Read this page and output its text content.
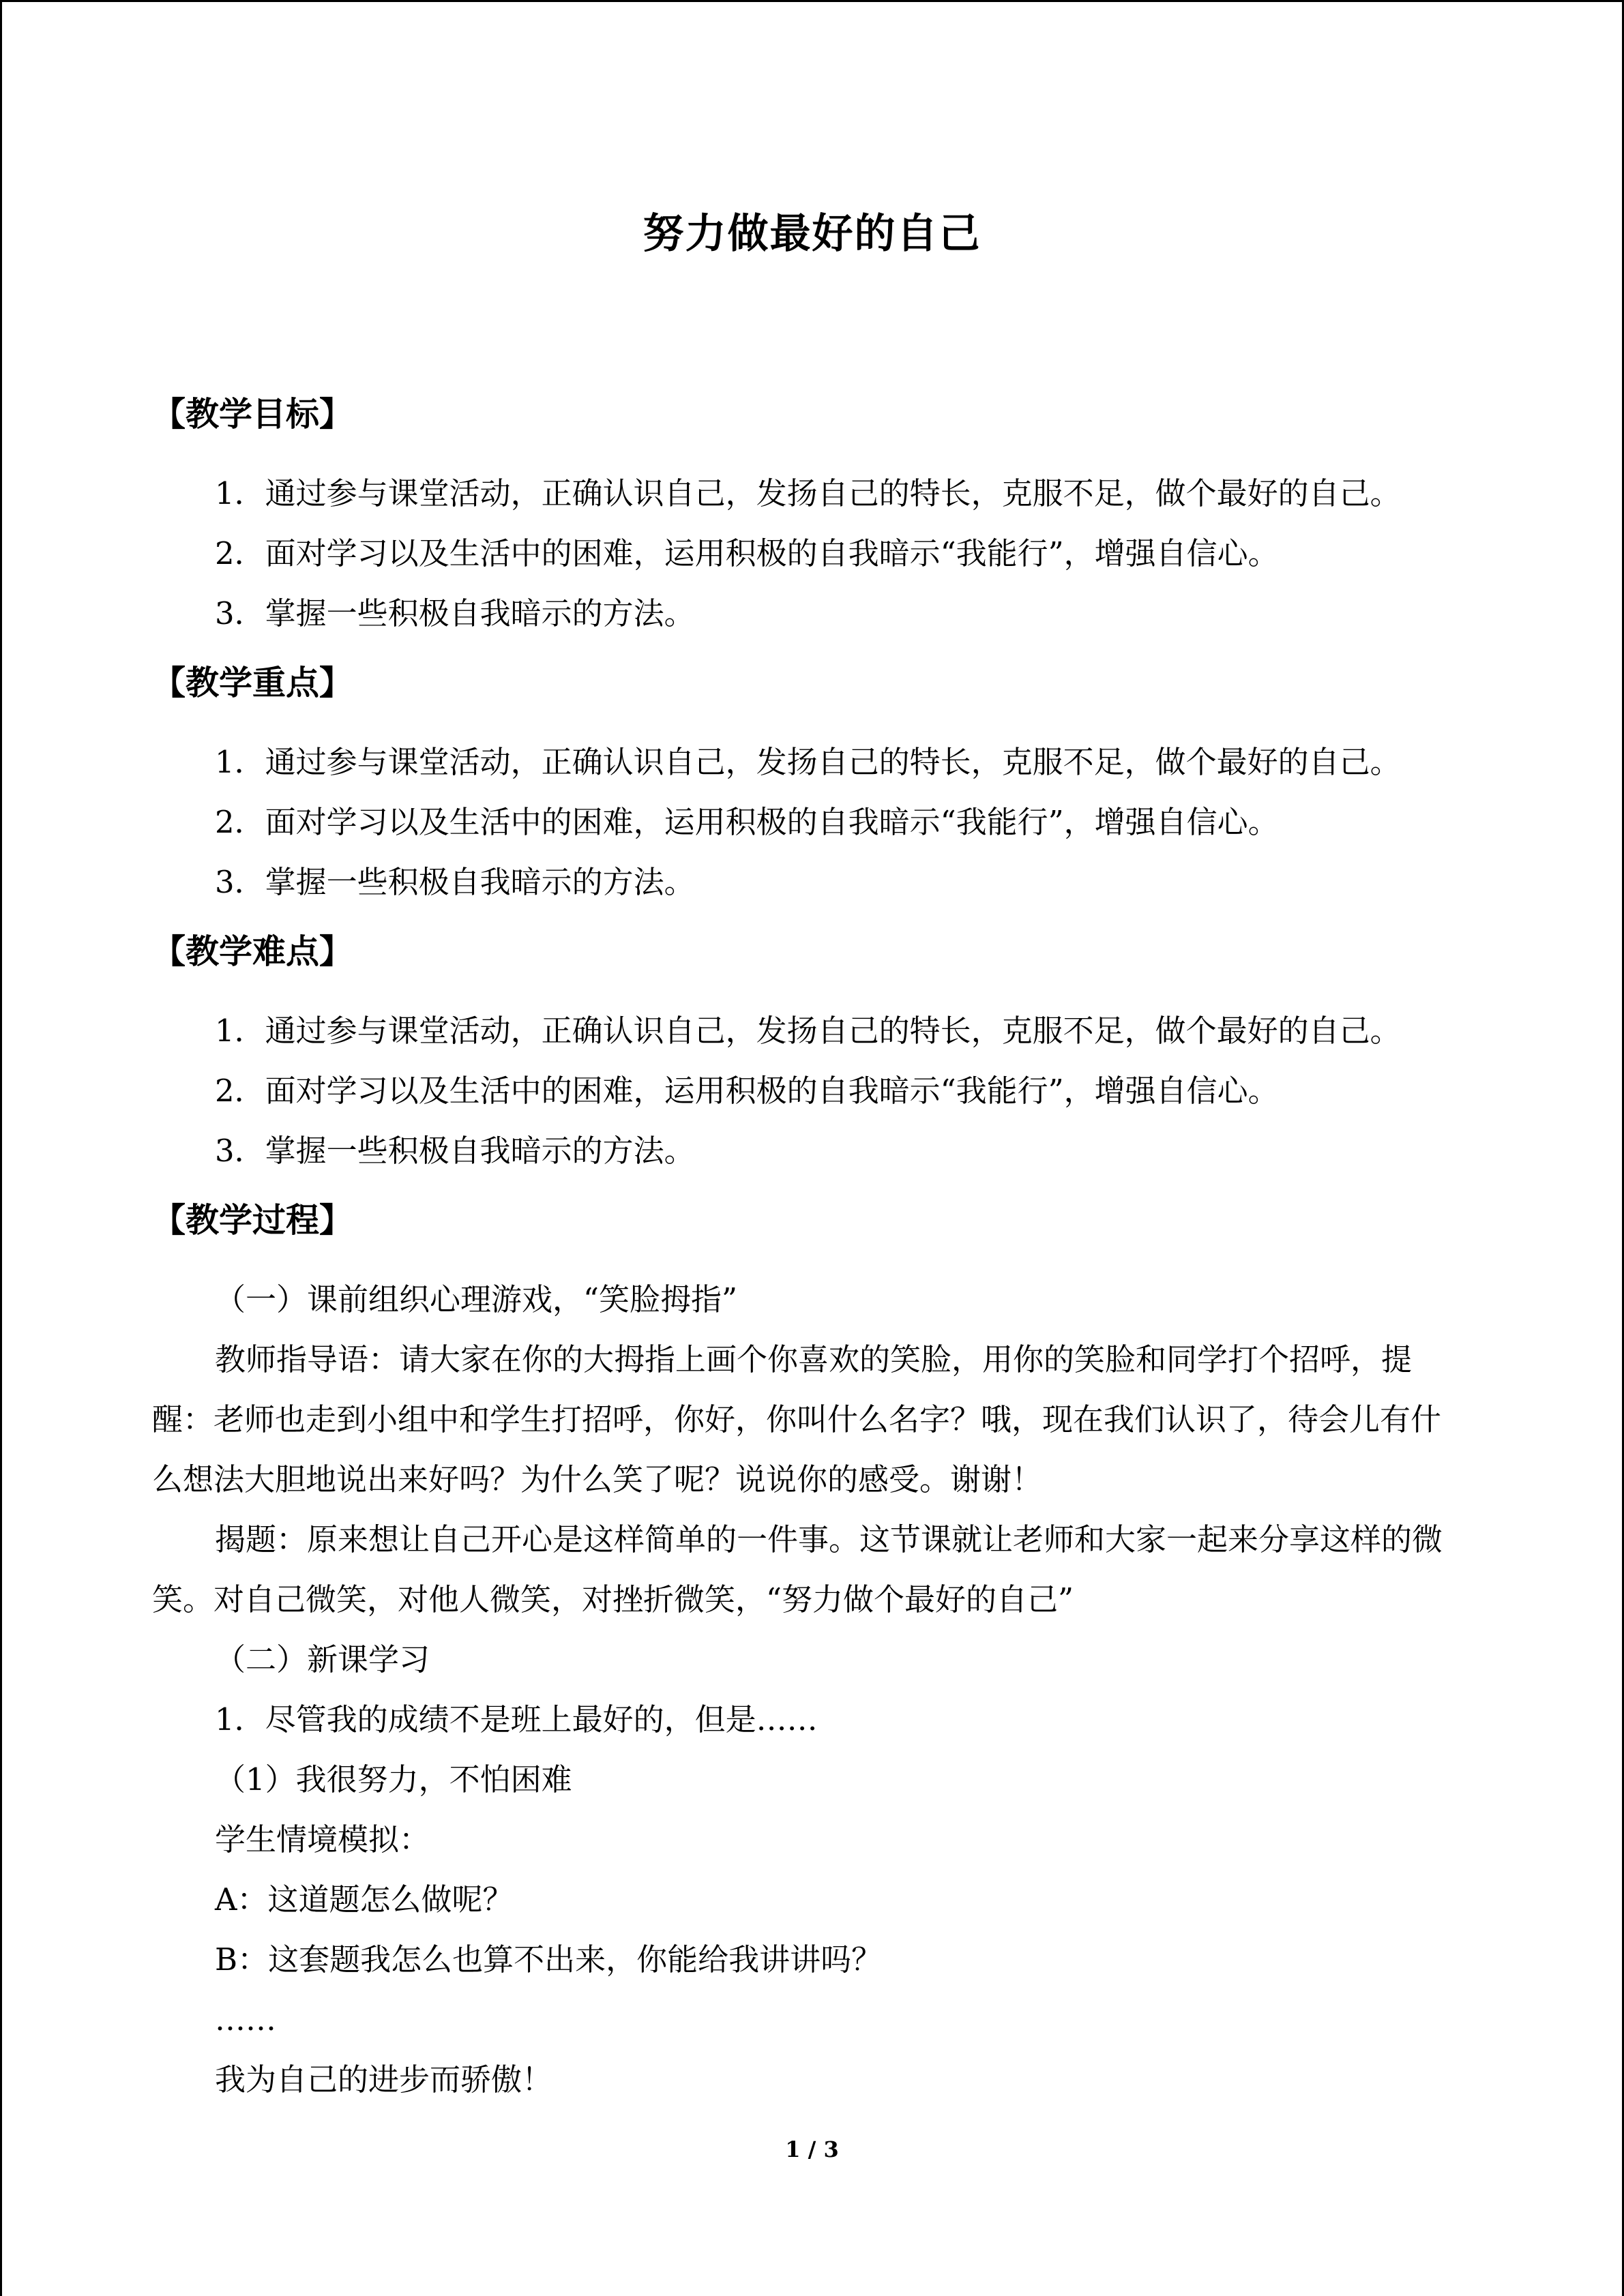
努力做最好的自己
【教学目标】
1．通过参与课堂活动，正确认识自己，发扬自己的特长，克服不足，做个最好的自己。
2．面对学习以及生活中的困难，运用积极的自我暗示“我能行”，增强自信心。
3．掌握一些积极自我暗示的方法。
【教学重点】
1．通过参与课堂活动，正确认识自己，发扬自己的特长，克服不足，做个最好的自己。
2．面对学习以及生活中的困难，运用积极的自我暗示“我能行”，增强自信心。
3．掌握一些积极自我暗示的方法。
【教学难点】
1．通过参与课堂活动，正确认识自己，发扬自己的特长，克服不足，做个最好的自己。
2．面对学习以及生活中的困难，运用积极的自我暗示“我能行”，增强自信心。
3．掌握一些积极自我暗示的方法。
【教学过程】

（一）课前组织心理游戏，“笑脸拇指”

教师指导语：请大家在你的大拇指上画个你喜欢的笑脸，用你的笑脸和同学打个招呼，提醒：老师也走到小组中和学生打招呼，你好，你叫什么名字？哦，现在我们认识了，待会儿有什么想法大胆地说出来好吗？为什么笑了呢？说说你的感受。谢谢！

揭题：原来想让自己开心是这样简单的一件事。这节课就让老师和大家一起来分享这样的微笑。对自己微笑，对他人微笑，对挫折微笑，“努力做个最好的自己”

（二）新课学习

1．尽管我的成绩不是班上最好的，但是……

（1）我很努力，不怕困难

学生情境模拟：

A：这道题怎么做呢？

B：这套题我怎么也算不出来，你能给我讲讲吗？

……

我为自己的进步而骄傲！

1 / 3
